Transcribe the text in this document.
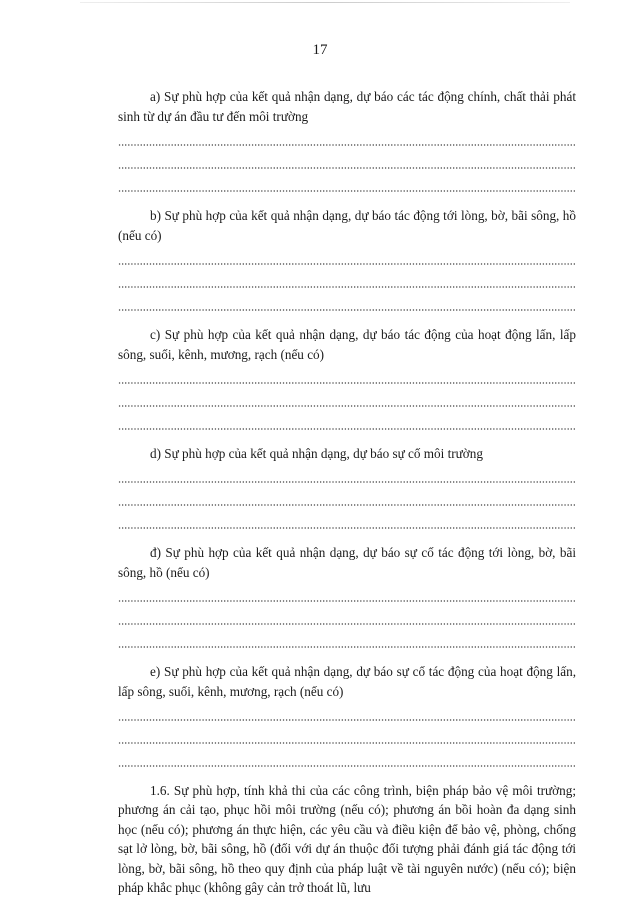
17

a) Sự phù hợp của kết quả nhận dạng, dự báo các tác động chính, chất thải phát sinh từ dự án đầu tư đến môi trường

b) Sự phù hợp của kết quả nhận dạng, dự báo tác động tới lòng, bờ, bãi sông, hồ (nếu có)

c) Sự phù hợp của kết quả nhận dạng, dự báo tác động của hoạt động lấn, lấp sông, suối, kênh, mương, rạch (nếu có)

d) Sự phù hợp của kết quả nhận dạng, dự báo sự cố môi trường

đ) Sự phù hợp của kết quả nhận dạng, dự báo sự cố tác động tới lòng, bờ, bãi sông, hồ (nếu có)

e) Sự phù hợp của kết quả nhận dạng, dự báo sự cố tác động của hoạt động lấn, lấp sông, suối, kênh, mương, rạch (nếu có)

1.6. Sự phù hợp, tính khả thi của các công trình, biện pháp bảo vệ môi trường; phương án cải tạo, phục hồi môi trường (nếu có); phương án bồi hoàn đa dạng sinh học (nếu có); phương án thực hiện, các yêu cầu và điều kiện để bảo vệ, phòng, chống sạt lở lòng, bờ, bãi sông, hồ (đối với dự án thuộc đối tượng phải đánh giá tác động tới lòng, bờ, bãi sông, hồ theo quy định của pháp luật về tài nguyên nước) (nếu có); biện pháp khắc phục (không gây cản trở thoát lũ, lưu
